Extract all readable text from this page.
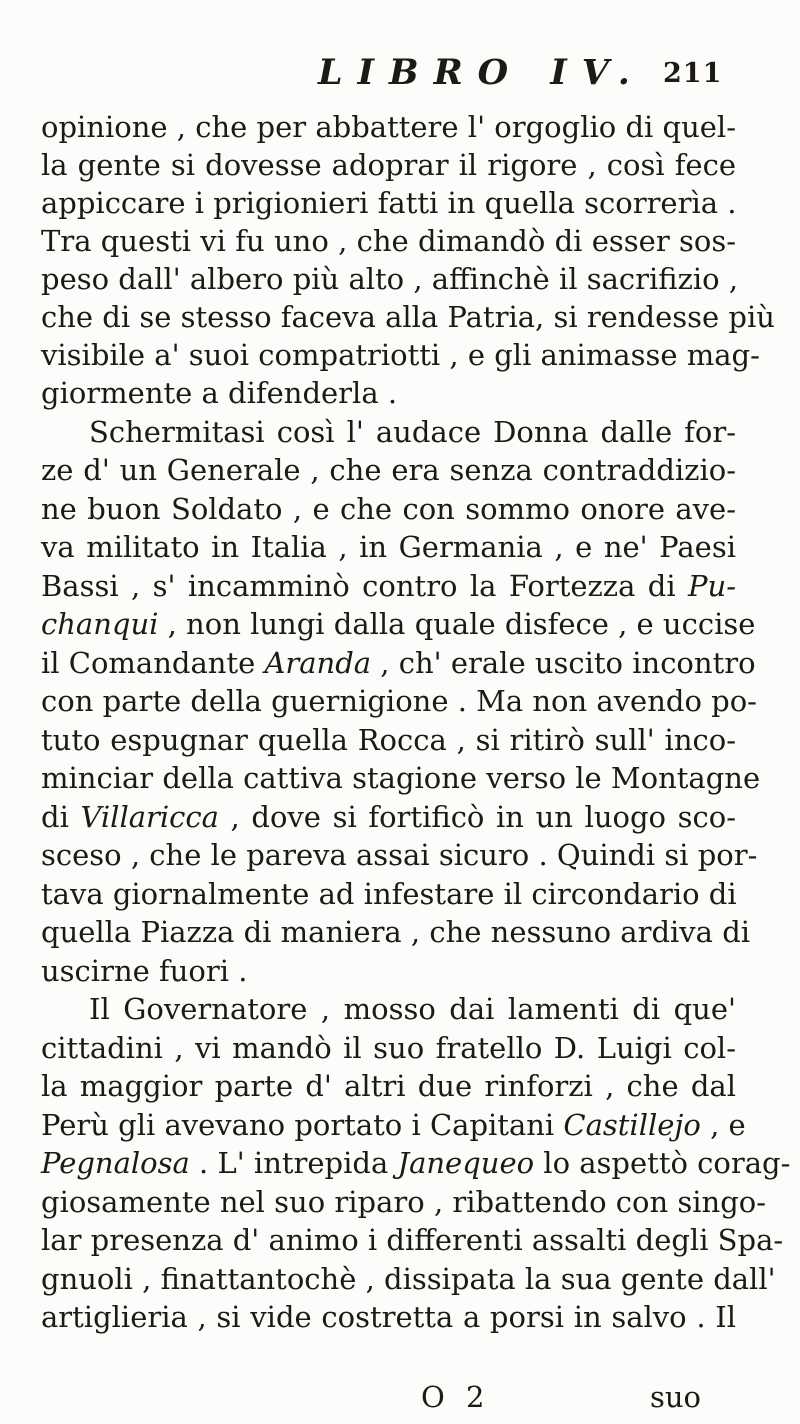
LIBRO IV. 211
opinione , che per abbattere l' orgoglio di quel-
la gente si dovesse adoprar il rigore , così fece
appiccare i prigionieri fatti in quella scorrerìa .
Tra questi vi fu uno , che dimandò di esser sos-
peso dall' albero più alto , affinchè il sacrifizio ,
che di se stesso faceva alla Patria, si rendesse più
visibile a' suoi compatriotti , e gli animasse mag-
giormente a difenderla .
Schermitasi così l' audace Donna dalle for-
ze d' un Generale , che era senza contraddizio-
ne buon Soldato , e che con sommo onore ave-
va militato in Italia , in Germania , e ne' Paesi
Bassi , s' incamminò contro la Fortezza di Pu-
chanqui , non lungi dalla quale disfece , e uccise
il Comandante Aranda , ch' erale uscito incontro
con parte della guernigione . Ma non avendo po-
tuto espugnar quella Rocca , si ritirò sull' inco-
minciar della cattiva stagione verso le Montagne
di Villaricca , dove si fortificò in un luogo sco-
sceso , che le pareva assai sicuro . Quindi si por-
tava giornalmente ad infestare il circondario di
quella Piazza di maniera , che nessuno ardiva di
uscirne fuori .
Il Governatore , mosso dai lamenti di que'
cittadini , vi mandò il suo fratello D. Luigi col-
la maggior parte d' altri due rinforzi , che dal
Perù gli avevano portato i Capitani Castillejo , e
Pegnalosa . L' intrepida Janequeo lo aspettò corag-
giosamente nel suo riparo , ribattendo con singo-
lar presenza d' animo i differenti assalti degli Spa-
gnuoli , finattantochè , dissipata la sua gente dall'
artiglieria , si vide costretta a porsi in salvo . Il
O 2	suo
